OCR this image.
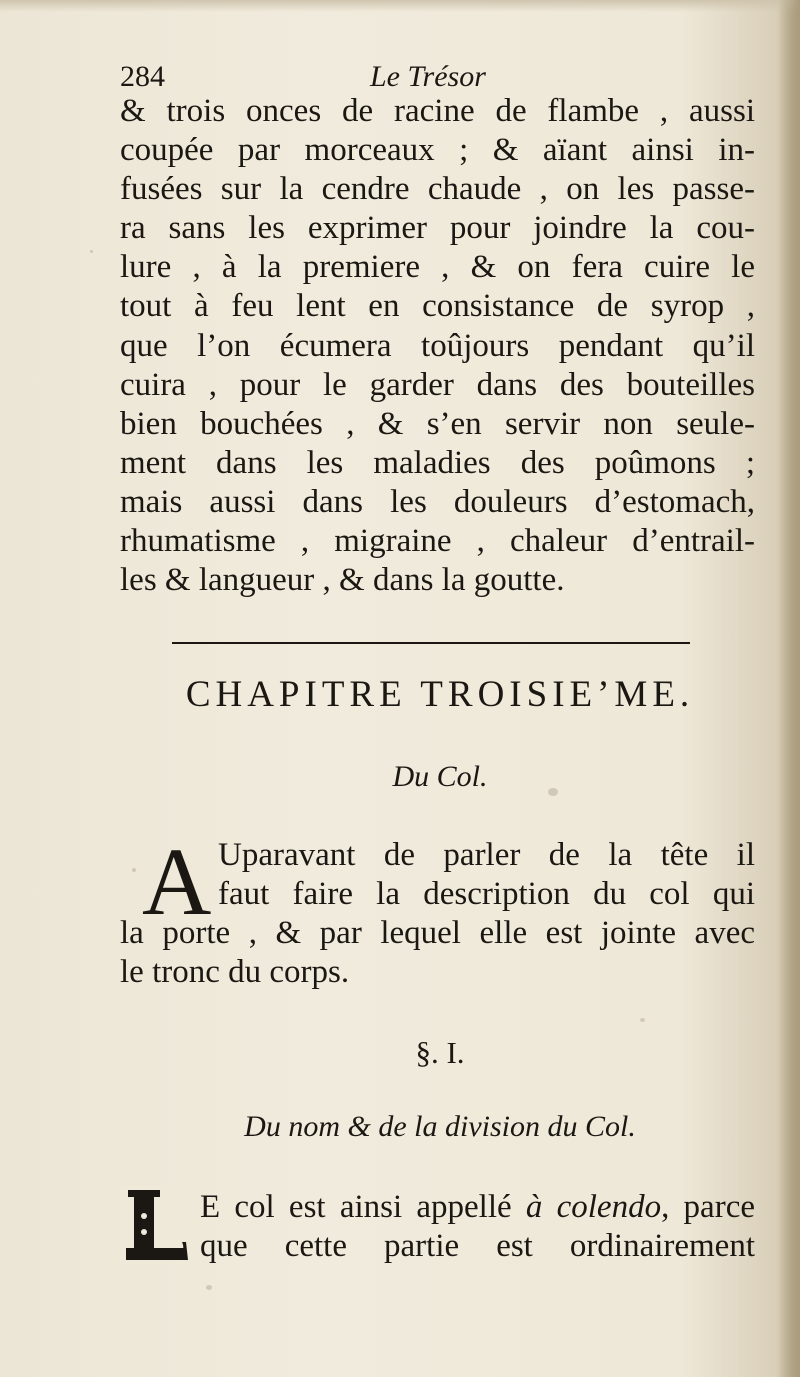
284	Le Trésor
& trois onces de racine de flambe , aussi
coupée par morceaux ; & aïant ainsi in-
fusées sur la cendre chaude , on les passe-
ra sans les exprimer pour joindre la cou-
lure , à la premiere , & on fera cuire le
tout à feu lent en consistance de syrop ,
que l’on écumera toûjours pendant qu’il
cuira , pour le garder dans des bouteilles
bien bouchées , & s’en servir non seule-
ment dans les maladies des poûmons ;
mais aussi dans les douleurs d’estomach,
rhumatisme , migraine , chaleur d’entrail-
les & langueur , & dans la goutte.
CHAPITRE TROISIE’ME.
Du Col.
A Uparavant de parler de la tête il
faut faire la description du col qui
la porte , & par lequel elle est jointe avec
le tronc du corps.
§. I.
Du nom & de la division du Col.
E col est ainsi appellé à colendo, parce
que cette partie est ordinairement
